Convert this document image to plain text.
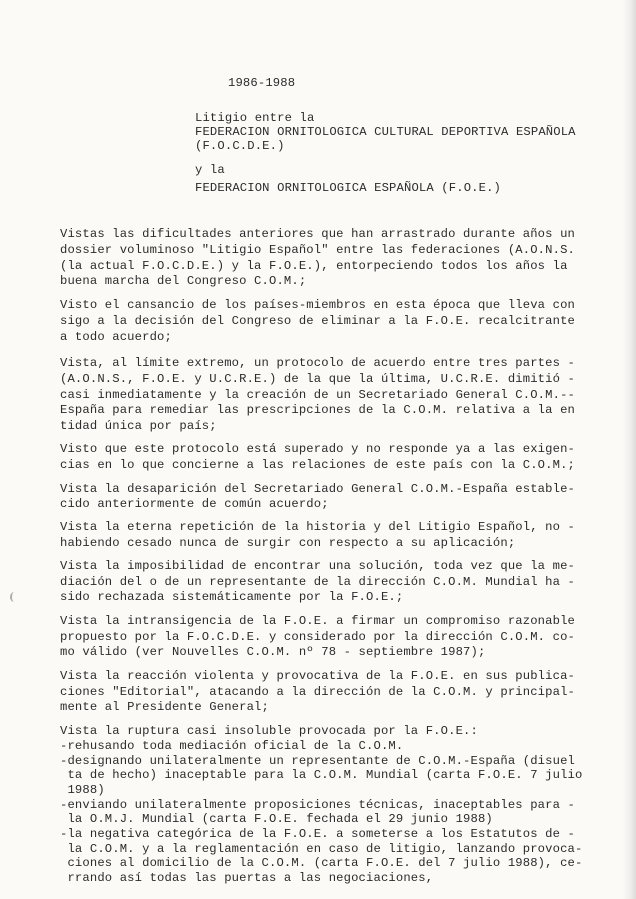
1986-1988
Litigio entre la
FEDERACION ORNITOLOGICA CULTURAL DEPORTIVA ESPAÑOLA
(F.O.C.D.E.)
y la
FEDERACION ORNITOLOGICA ESPAÑOLA (F.O.E.)
Vistas las dificultades anteriores que han arrastrado durante años un
dossier voluminoso "Litigio Español" entre las federaciones (A.O.N.S.
(la actual F.O.C.D.E.) y la F.O.E.), entorpeciendo todos los años la
buena marcha del Congreso C.O.M.;
Visto el cansancio de los países-miembros en esta época que lleva con
sigo a la decisión del Congreso de eliminar a la F.O.E. recalcitrante
a todo acuerdo;
Vista, al límite extremo, un protocolo de acuerdo entre tres partes -
(A.O.N.S., F.O.E. y U.C.R.E.) de la que la última, U.C.R.E. dimitió -
casi inmediatamente y la creación de un Secretariado General C.O.M.--
España para remediar las prescripciones de la C.O.M. relativa a la en
tidad única por país;
Visto que este protocolo está superado y no responde ya a las exigen-
cias en lo que concierne a las relaciones de este país con la C.O.M.;
Vista la desaparición del Secretariado General C.O.M.-España estable-
cido anteriormente de común acuerdo;
Vista la eterna repetición de la historia y del Litigio Español, no -
habiendo cesado nunca de surgir con respecto a su aplicación;
Vista la imposibilidad de encontrar una solución, toda vez que la me-
diación del o de un representante de la dirección C.O.M. Mundial ha -
sido rechazada sistemáticamente por la F.O.E.;
Vista la intransigencia de la F.O.E. a firmar un compromiso razonable
propuesto por la F.O.C.D.E. y considerado por la dirección C.O.M. co-
mo válido (ver Nouvelles C.O.M. nº 78 - septiembre 1987);
Vista la reacción violenta y provocativa de la F.O.E. en sus publica-
ciones "Editorial", atacando a la dirección de la C.O.M. y principal-
mente al Presidente General;
Vista la ruptura casi insoluble provocada por la F.O.E.:
-rehusando toda mediación oficial de la C.O.M.
-designando unilateralmente un representante de C.O.M.-España (disuel
ta de hecho) inaceptable para la C.O.M. Mundial (carta F.O.E. 7 julio
1988)
-enviando unilateralmente proposiciones técnicas, inaceptables para -
la O.M.J. Mundial (carta F.O.E. fechada el 29 junio 1988)
-la negativa categórica de la F.O.E. a someterse a los Estatutos de -
la C.O.M. y a la reglamentación en caso de litigio, lanzando provoca-
ciones al domicilio de la C.O.M. (carta F.O.E. del 7 julio 1988), ce-
rrando así todas las puertas a las negociaciones,
